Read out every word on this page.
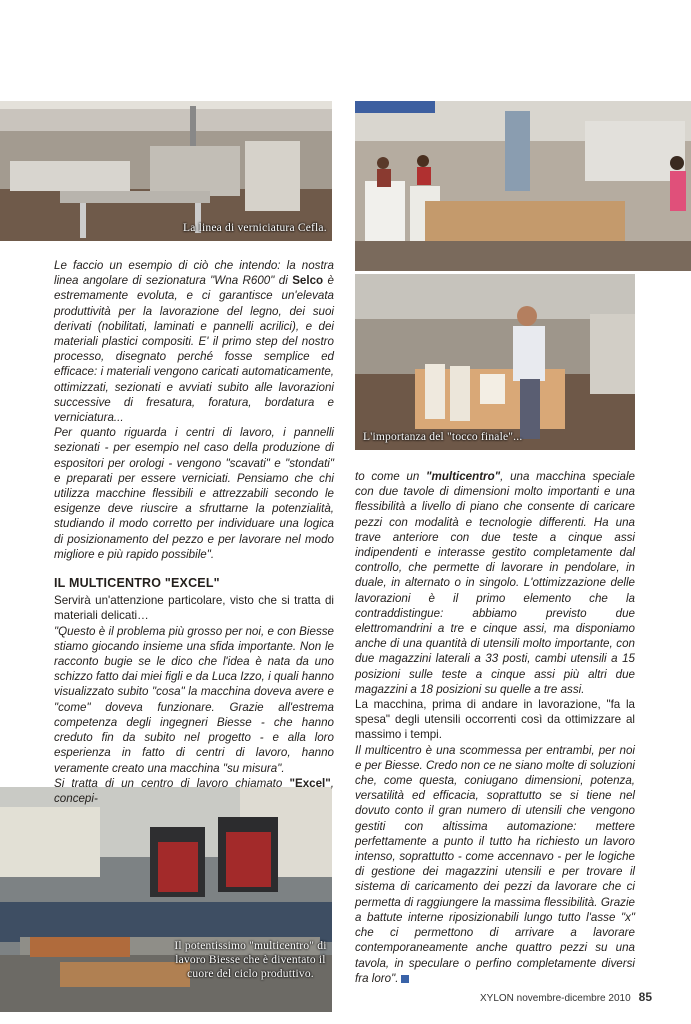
La linea di verniciatura Cefla.
L'importanza del "tocco finale"...
Il potentissimo "multicentro" di lavoro Biesse che è diventato il cuore del ciclo produttivo.

Le faccio un esempio di ciò che intendo: la nostra linea angolare di sezionatura "Wna R600" di Selco è estremamente evoluta, e ci garantisce un'elevata produttività per la lavorazione del legno, dei suoi derivati (nobilitati, laminati e pannelli acrilici), e dei materiali plastici compositi. E' il primo step del nostro processo, disegnato perché fosse semplice ed efficace: i materiali vengono caricati automaticamente, ottimizzati, sezionati e avviati subito alle lavorazioni successive di fresatura, foratura, bordatura e verniciatura...

Per quanto riguarda i centri di lavoro, i pannelli sezionati - per esempio nel caso della produzione di espositori per orologi - vengono "scavati" e "stondati" e preparati per essere verniciati. Pensiamo che chi utilizza macchine flessibili e attrezzabili secondo le esigenze deve riuscire a sfruttarne la potenzialità, studiando il modo corretto per individuare una logica di posizionamento del pezzo e per lavorare nel modo migliore e più rapido possibile".

IL MULTICENTRO "EXCEL"

Servirà un'attenzione particolare, visto che si tratta di materiali delicati…

"Questo è il problema più grosso per noi, e con Biesse stiamo giocando insieme una sfida importante. Non le racconto bugie se le dico che l'idea è nata da uno schizzo fatto dai miei figli e da Luca Izzo, i quali hanno visualizzato subito "cosa" la macchina doveva avere e "come" doveva funzionare. Grazie all'estrema competenza degli ingegneri Biesse - che hanno creduto fin da subito nel progetto - e alla loro esperienza in fatto di centri di lavoro, hanno veramente creato una macchina "su misura".

Si tratta di un centro di lavoro chiamato "Excel", concepi-

to come un "multicentro", una macchina speciale con due tavole di dimensioni molto importanti e una flessibilità a livello di piano che consente di caricare pezzi con modalità e tecnologie differenti. Ha una trave anteriore con due teste a cinque assi indipendenti e interasse gestito completamente dal controllo, che permette di lavorare in pendolare, in duale, in alternato o in singolo. L'ottimizzazione delle lavorazioni è il primo elemento che la contraddistingue: abbiamo previsto due elettromandrini a tre e cinque assi, ma disponiamo anche di una quantità di utensili molto importante, con due magazzini laterali a 33 posti, cambi utensili a 15 posizioni sulle teste a cinque assi più altri due magazzini a 18 posizioni su quelle a tre assi.

La macchina, prima di andare in lavorazione, "fa la spesa" degli utensili occorrenti così da ottimizzare al massimo i tempi.

Il multicentro è una scommessa per entrambi, per noi e per Biesse. Credo non ce ne siano molte di soluzioni che, come questa, coniugano dimensioni, potenza, versatilità ed efficacia, soprattutto se si tiene nel dovuto conto il gran numero di utensili che vengono gestiti con altissima automazione: mettere perfettamente a punto il tutto ha richiesto un lavoro intenso, soprattutto - come accennavo - per le logiche di gestione dei magazzini utensili e per trovare il sistema di caricamento dei pezzi da lavorare che ci permetta di raggiungere la massima flessibilità. Grazie a battute interne riposizionabili lungo tutto l'asse "x" che ci permettono di arrivare a lavorare contemporaneamente anche quattro pezzi su una tavola, in speculare o perfino completamente diversi fra loro".

XYLON novembre-dicembre 2010 85
